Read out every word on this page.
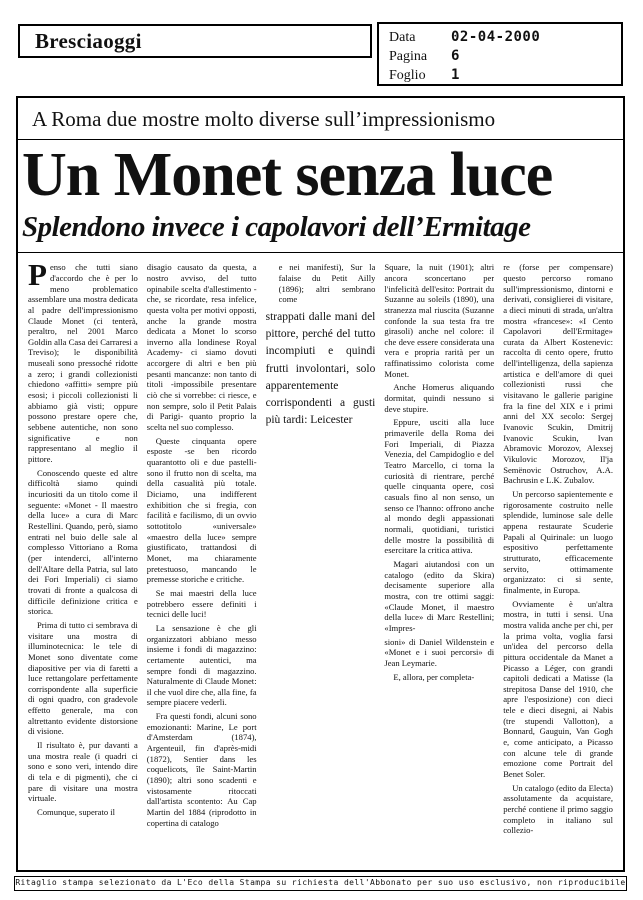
Bresciaoggi	Data	02-04-2000
Pagina	6
Foglio	1
A Roma due mostre molto diverse sull’impressionismo
Un Monet senza luce
Splendono invece i capolavori dell’Ermitage
P enso che tutti siano d'accordo che è per lo meno problematico assemblare una mostra dedicata al padre dell'impressionismo Claude Monet (ci tenterà, peraltro, nel 2001 Marco Goldin alla Casa dei Carraresi a Treviso); le disponibilità museali sono pressoché ridotte a zero; i grandi collezionisti chiedono «affitti» sempre più esosi; i piccoli collezionisti li abbiamo già visti; oppure possono prestare opere che, sebbene autentiche, non sono significative e non rappresentano al meglio il pittore.

Conoscendo queste ed altre difficoltà siamo quindi incuriositi da un titolo come il seguente: «Monet - Il maestro della luce» a cura di Marc Restellini. Quando, però, siamo entrati nel buio delle sale al complesso Vittoriano a Roma (per intenderci, all'interno dell'Altare della Patria, sul lato dei Fori Imperiali) ci siamo trovati di fronte a qualcosa di difficile definizione critica e storica.

Prima di tutto ci sembrava di visitare una mostra di illuminotecnica: le tele di Monet sono diventate come diapositive per via di faretti a luce rettangolare perfettamente corrispondente alla superficie di ogni quadro, con gradevole effetto generale, ma con altrettanto evidente distorsione di visione.

Il risultato è, pur davanti a una mostra reale (i quadri ci sono e sono veri, intendo dire di tela e di pigmenti), che ci pare di visitare una mostra virtuale.

Comunque, superato il

disagio causato da questa, a nostro avviso, del tutto opinabile scelta d'allestimento -che, se ricordate, resa infelice, questa volta per motivi opposti, anche la grande mostra dedicata a Monet lo scorso inverno alla londinese Royal Academy- ci siamo dovuti accorgere di altri e ben più pesanti mancanze: non tanto di titoli -impossibile presentare ciò che si vorrebbe: ci riesce, e non sempre, solo il Petit Palais di Parigi- quanto proprio la scelta nel suo complesso.

Queste cinquanta opere esposte -se ben ricordo quarantotto oli e due pastelli- sono il frutto non di scelta, ma della casualità più totale. Diciamo, una indifferent exhibition che si fregia, con facilità e facilismo, di un ovvio sottotitolo «universale» «maestro della luce» sempre giustificato, trattandosi di Monet, ma chiaramente pretestuoso, mancando le premesse storiche e critiche.

Se mai maestri della luce potrebbero essere definiti i tecnici delle luci!

La sensazione è che gli organizzatori abbiano messo insieme i fondi di magazzino: certamente autentici, ma sempre fondi di magazzino. Naturalmente di Claude Monet: il che vuol dire che, alla fine, fa sempre piacere vederli.

Fra questi fondi, alcuni sono emozionanti: Marine, Le port d'Amsterdam (1874), Argenteuil, fin d'après-midi (1872), Sentier dans les coquelicots, île Saint-Martin (1890); altri sono scadenti e vistosamente ritoccati dall'artista scontento: Au Cap Martin del 1884 (riprodotto in copertina di catalogo

e nei manifesti), Sur la falaise du Petit Ailly (1896); altri sembrano come

strappati dalle mani del pittore, perché del tutto incompiuti e quindi frutti involontari, solo apparentemente corrispondenti a gusti più tardi: Leicester

Square, la nuit (1901); altri ancora sconcertano per l'infelicità dell'esito: Portrait du Suzanne au soleils (1890), una stranezza mal riuscita (Suzanne confonde la sua testa fra tre girasoli) anche nel colore: il che deve essere considerata una vera e propria rarità per un raffinatissimo colorista come Monet.

Anche Homerus aliquando dormitat, quindi nessuno si deve stupire.

Eppure, usciti alla luce primaverile della Roma dei Fori Imperiali, di Piazza Venezia, del Campidoglio e del Teatro Marcello, ci torna la curiosità di rientrare, perché quelle cinquanta opere, così casuals fino al non senso, un senso ce l'hanno: offrono anche al mondo degli appassionati normali, quotidiani, turistici delle mostre la possibilità di esercitare la critica attiva.

Magari aiutandosi con un catalogo (edito da Skira) decisamente superiore alla mostra, con tre ottimi saggi: «Claude Monet, il maestro della luce» di Marc Restellini; «Impres-

sioni» di Daniel Wildenstein e «Monet e i suoi percorsi» di Jean Leymarie.

E, allora, per completa-

re (forse per compensare) questo percorso romano sull'impressionismo, dintorni e derivati, consiglierei di visitare, a dieci minuti di strada, un'altra mostra «francese»: «I Cento Capolavori dell'Ermitage» curata da Albert Kostenevic: raccolta di cento opere, frutto dell'intelligenza, della sapienza artistica e dell'amore di quei collezionisti russi che visitavano le gallerie parigine fra la fine del XIX e i primi anni del XX secolo: Sergej Ivanovic Scukin, Dmitrij Ivanovic Scukin, Ivan Abramovic Morozov, Alexsej Vikulovic Morozov, Il'ja Semënovic Ostruchov, A.A. Bachrusin e L.K. Zubalov.

Un percorso sapientemente e rigorosamente costruito nelle splendide, luminose sale delle appena restaurate Scuderie Papali al Quirinale: un luogo espositivo perfettamente strutturato, efficacemente servito, ottimamente organizzato: ci si sente, finalmente, in Europa.

Ovviamente è un'altra mostra, in tutti i sensi. Una mostra valida anche per chi, per la prima volta, voglia farsi un'idea del percorso della pittura occidentale da Manet a Picasso a Léger, con grandi capitoli dedicati a Matisse (la strepitosa Danse del 1910, che apre l'esposizione) con dieci tele e dieci disegni, ai Nabis (tre stupendi Vallotton), a Bonnard, Gauguin, Van Gogh e, come anticipato, a Picasso con alcune tele di grande emozione come Portrait del Benet Soler.

Un catalogo (edito da Electa) assolutamente da acquistare, perché contiene il primo saggio completo in italiano sul collezio-

Ritaglio stampa selezionato da L'Eco della Stampa su richiesta dell'Abbonato per suo uso esclusivo, non riproducibile
